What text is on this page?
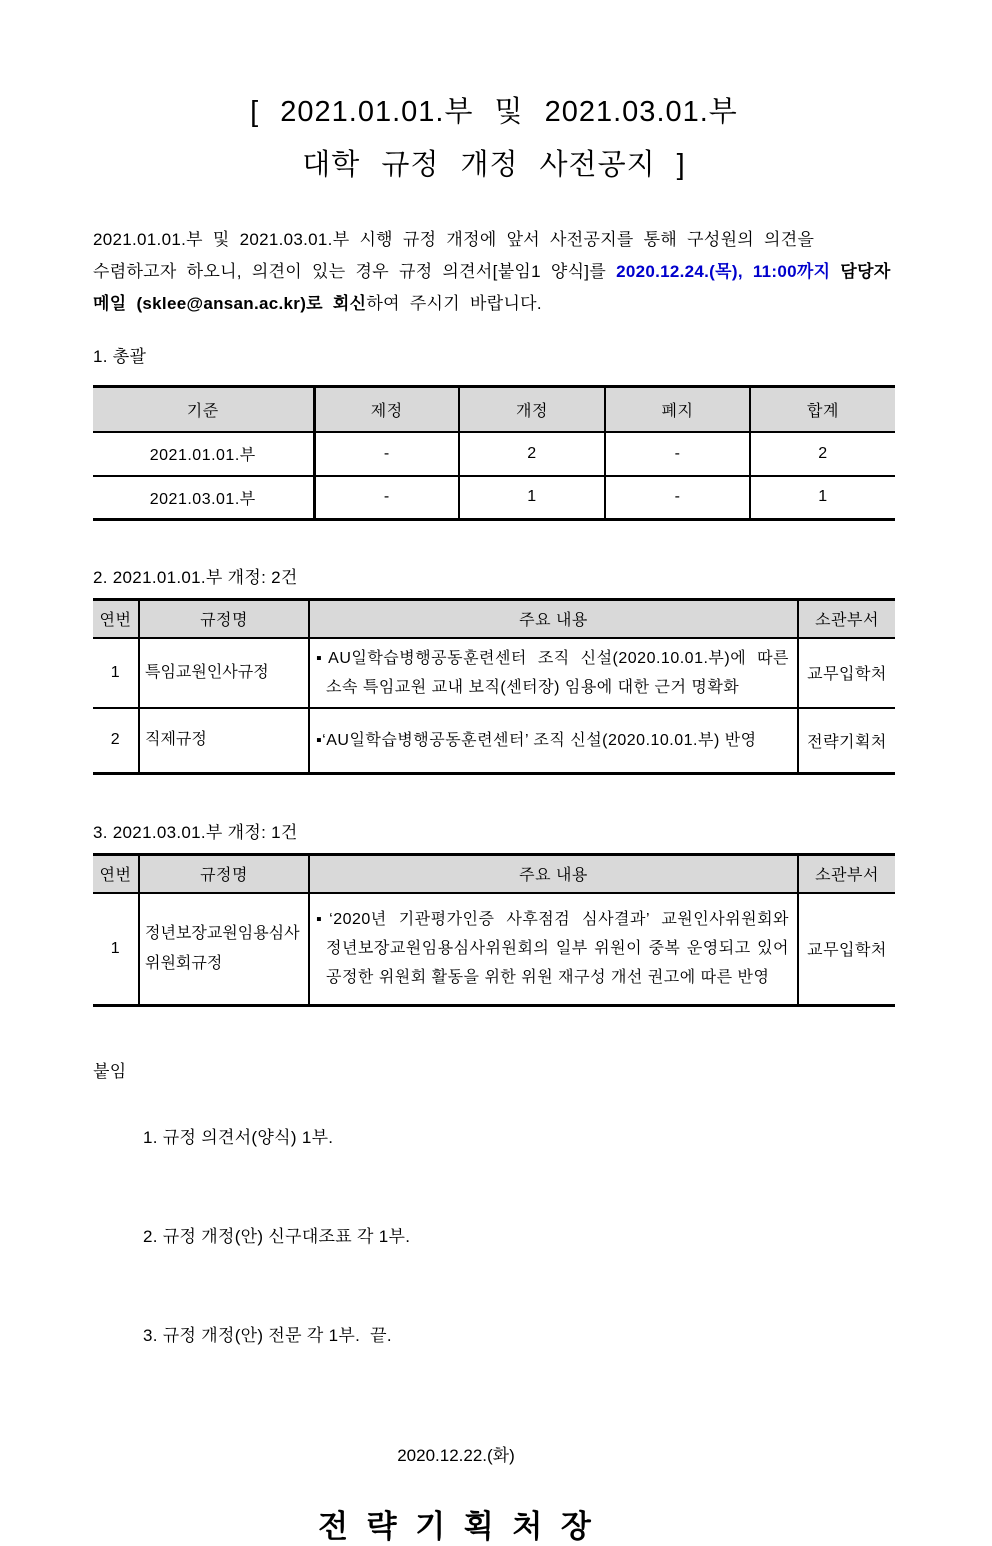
[ 2021.01.01.부 및 2021.03.01.부
대학 규정 개정 사전공지 ]

2021.01.01.부 및 2021.03.01.부 시행 규정 개정에 앞서 사전공지를 통해 구성원의 의견을 수렴하고자 하오니, 의견이 있는 경우 규정 의견서[붙임1 양식]를 2020.12.24.(목), 11:00까지 담당자 메일 (sklee@ansan.ac.kr)로 회신하여 주시기 바랍니다.

1. 총괄
기준	제정	개정	폐지	합계
2021.01.01.부	-	2	-	2
2021.03.01.부	-	1	-	1
2. 2021.01.01.부 개정: 2건
연번	규정명	주요 내용	소관부서
1	특임교원인사규정	▪AU일학습병행공동훈련센터 조직 신설(2020.10.01.부)에 따른 소속 특임교원 교내 보직(센터장) 임용에 대한 근거 명확화	교무입학처
2	직제규정	▪‘AU일학습병행공동훈련센터’ 조직 신설(2020.10.01.부) 반영	전략기획처
3. 2021.03.01.부 개정: 1건
연번	규정명	주요 내용	소관부서
1	정년보장교원임용심사위원회규정	▪‘2020년 기관평가인증 사후점검 심사결과’ 교원인사위원회와 정년보장교원임용심사위원회의 일부 위원이 중복 운영되고 있어 공정한 위원회 활동을 위한 위원 재구성 개선 권고에 따른 반영	교무입학처
붙임

1. 규정 의견서(양식) 1부.

2. 규정 개정(안) 신구대조표 각 1부.

3. 규정 개정(안) 전문 각 1부.  끝.

2020.12.22.(화)
전 략 기 획 처 장
